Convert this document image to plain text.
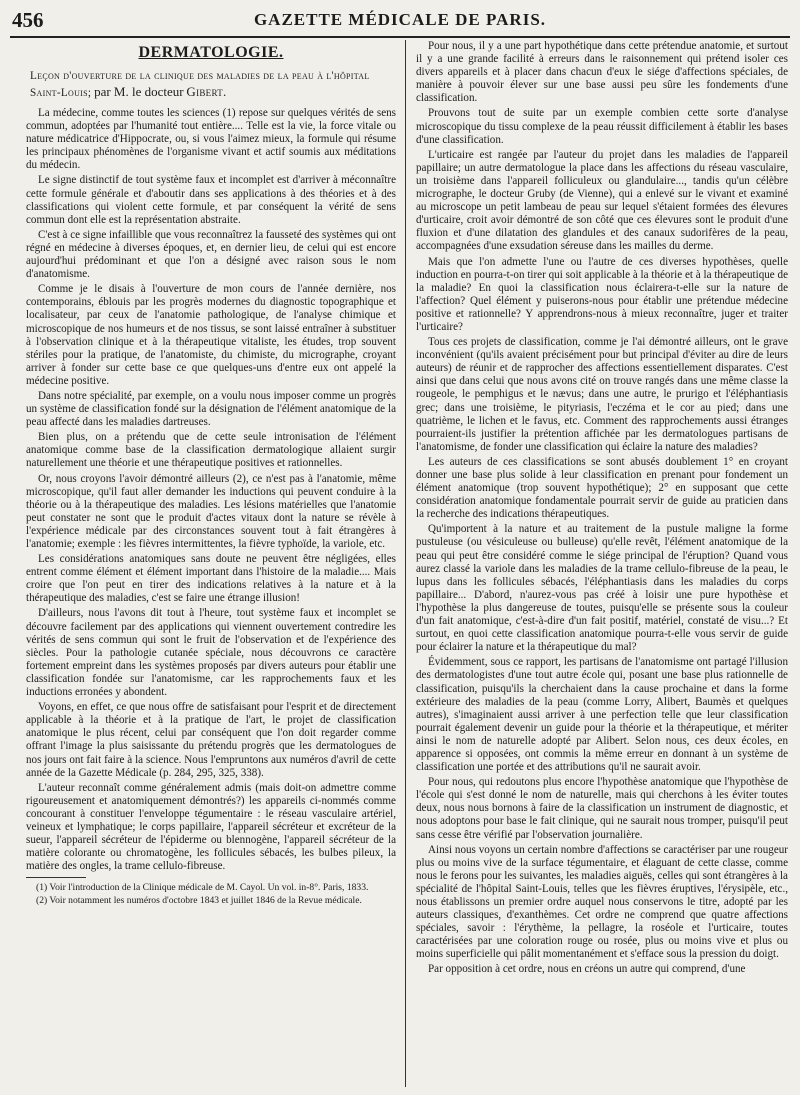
456	GAZETTE MÉDICALE DE PARIS.
DERMATOLOGIE.
Leçon d'ouverture de la clinique des maladies de la peau à l'hôpital Saint-Louis; par M. le docteur Gibert.

La médecine, comme toutes les sciences (1) repose sur quelques vérités de sens commun, adoptées par l'humanité tout entière.... Telle est la vie, la force vitale ou nature médicatrice d'Hippocrate, ou, si vous l'aimez mieux, la formule qui résume les principaux phénomènes de l'organisme vivant et actif soumis aux méditations du médecin.

Le signe distinctif de tout système faux et incomplet est d'arriver à méconnaître cette formule générale et d'aboutir dans ses applications à des théories et à des classifications qui violent cette formule, et par conséquent la vérité de sens commun dont elle est la représentation abstraite.

C'est à ce signe infaillible que vous reconnaîtrez la fausseté des systèmes qui ont régné en médecine à diverses époques, et, en dernier lieu, de celui qui est encore aujourd'hui prédominant et que l'on a désigné avec raison sous le nom d'anatomisme.

Comme je le disais à l'ouverture de mon cours de l'année dernière, nos contemporains, éblouis par les progrès modernes du diagnostic topographique et localisateur, par ceux de l'anatomie pathologique, de l'analyse chimique et microscopique de nos humeurs et de nos tissus, se sont laissé entraîner à substituer à l'observation clinique et à la thérapeutique vitaliste, les études, trop souvent stériles pour la pratique, de l'anatomiste, du chimiste, du micrographe, croyant arriver à fonder sur cette base ce que quelques-uns d'entre eux ont appelé la médecine positive.

Dans notre spécialité, par exemple, on a voulu nous imposer comme un progrès un système de classification fondé sur la désignation de l'élément anatomique de la peau affecté dans les maladies dartreuses.

Bien plus, on a prétendu que de cette seule intronisation de l'élément anatomique comme base de la classification dermatologique allaient surgir naturellement une théorie et une thérapeutique positives et rationnelles.

Or, nous croyons l'avoir démontré ailleurs (2), ce n'est pas à l'anatomie, même microscopique, qu'il faut aller demander les inductions qui peuvent conduire à la théorie ou à la thérapeutique des maladies. Les lésions matérielles que l'anatomie peut constater ne sont que le produit d'actes vitaux dont la nature se révèle à l'expérience médicale par des circonstances souvent tout à fait étrangères à l'anatomie; exemple : les fièvres intermittentes, la fièvre typhoïde, la variole, etc.

Les considérations anatomiques sans doute ne peuvent être négligées, elles entrent comme élément et élément important dans l'histoire de la maladie.... Mais croire que l'on peut en tirer des indications relatives à la nature et à la thérapeutique des maladies, c'est se faire une étrange illusion!

D'ailleurs, nous l'avons dit tout à l'heure, tout système faux et incomplet se découvre facilement par des applications qui viennent ouvertement contredire les vérités de sens commun qui sont le fruit de l'observation et de l'expérience des siècles. Pour la pathologie cutanée spéciale, nous découvrons ce caractère fortement empreint dans les systèmes proposés par divers auteurs pour établir une classification fondée sur l'anatomisme, car les rapprochements faux et les inductions erronées y abondent.

Voyons, en effet, ce que nous offre de satisfaisant pour l'esprit et de directement applicable à la théorie et à la pratique de l'art, le projet de classification anatomique le plus récent, celui par conséquent que l'on doit regarder comme offrant l'image la plus saisissante du prétendu progrès que les dermatologues de nos jours ont fait faire à la science. Nous l'empruntons aux numéros d'avril de cette année de la Gazette Médicale (p. 284, 295, 325, 338).

L'auteur reconnaît comme généralement admis (mais doit-on admettre comme rigoureusement et anatomiquement démontrés?) les appareils ci-nommés comme concourant à constituer l'enveloppe tégumentaire : le réseau vasculaire artériel, veineux et lymphatique; le corps papillaire, l'appareil sécréteur et excréteur de la sueur, l'appareil sécréteur de l'épiderme ou blennogène, l'appareil sécréteur de la matière colorante ou chromatogène, les follicules sébacés, les bulbes pileux, la matière des ongles, la trame cellulo-fibreuse.

(1) Voir l'introduction de la Clinique médicale de M. Cayol. Un vol. in-8°. Paris, 1833.

(2) Voir notamment les numéros d'octobre 1843 et juillet 1846 de la Revue médicale.

Pour nous, il y a une part hypothétique dans cette prétendue anatomie, et surtout il y a une grande facilité à erreurs dans le raisonnement qui prétend isoler ces divers appareils et à placer dans chacun d'eux le siége d'affections spéciales, de manière à pouvoir élever sur une base aussi peu sûre les fondements d'une classification.

Prouvons tout de suite par un exemple combien cette sorte d'analyse microscopique du tissu complexe de la peau réussit difficilement à établir les bases d'une classification.

L'urticaire est rangée par l'auteur du projet dans les maladies de l'appareil papillaire; un autre dermatologue la place dans les affections du réseau vasculaire, un troisième dans l'appareil folliculeux ou glandulaire..., tandis qu'un célèbre micrographe, le docteur Gruby (de Vienne), qui a enlevé sur le vivant et examiné au microscope un petit lambeau de peau sur lequel s'étaient formées des élevures d'urticaire, croit avoir démontré de son côté que ces élevures sont le produit d'une fluxion et d'une dilatation des glandules et des canaux sudorifères de la peau, accompagnées d'une exsudation séreuse dans les mailles du derme.

Mais que l'on admette l'une ou l'autre de ces diverses hypothèses, quelle induction en pourra-t-on tirer qui soit applicable à la théorie et à la thérapeutique de la maladie? En quoi la classification nous éclairera-t-elle sur la nature de l'affection? Quel élément y puiserons-nous pour établir une prétendue médecine positive et rationnelle? Y apprendrons-nous à mieux reconnaître, juger et traiter l'urticaire?

Tous ces projets de classification, comme je l'ai démontré ailleurs, ont le grave inconvénient (qu'ils avaient précisément pour but principal d'éviter au dire de leurs auteurs) de réunir et de rapprocher des affections essentiellement disparates. C'est ainsi que dans celui que nous avons cité on trouve rangés dans une même classe la rougeole, le pemphigus et le nævus; dans une autre, le prurigo et l'éléphantiasis grec; dans une troisième, le pityriasis, l'eczéma et le cor au pied; dans une quatrième, le lichen et le favus, etc. Comment des rapprochements aussi étranges pourraient-ils justifier la prétention affichée par les dermatologues partisans de l'anatomisme, de fonder une classification qui éclaire la nature des maladies?

Les auteurs de ces classifications se sont abusés doublement 1° en croyant donner une base plus solide à leur classification en prenant pour fondement un élément anatomique (trop souvent hypothétique); 2° en supposant que cette considération anatomique fondamentale pourrait servir de guide au praticien dans la recherche des indications thérapeutiques.

Qu'importent à la nature et au traitement de la pustule maligne la forme pustuleuse (ou vésiculeuse ou bulleuse) qu'elle revêt, l'élément anatomique de la peau qui peut être considéré comme le siége principal de l'éruption? Quand vous aurez classé la variole dans les maladies de la trame cellulo-fibreuse de la peau, le lupus dans les follicules sébacés, l'éléphantiasis dans les maladies du corps papillaire... D'abord, n'aurez-vous pas créé à loisir une pure hypothèse et l'hypothèse la plus dangereuse de toutes, puisqu'elle se présente sous la couleur d'un fait anatomique, c'est-à-dire d'un fait positif, matériel, constaté de visu...? Et surtout, en quoi cette classification anatomique pourra-t-elle vous servir de guide pour éclairer la nature et la thérapeutique du mal?

Évidemment, sous ce rapport, les partisans de l'anatomisme ont partagé l'illusion des dermatologistes d'une tout autre école qui, posant une base plus rationnelle de classification, puisqu'ils la cherchaient dans la cause prochaine et dans la forme extérieure des maladies de la peau (comme Lorry, Alibert, Baumès et quelques autres), s'imaginaient aussi arriver à une perfection telle que leur classification pourrait également devenir un guide pour la théorie et la thérapeutique, et mériter ainsi le nom de naturelle adopté par Alibert. Selon nous, ces deux écoles, en apparence si opposées, ont commis la même erreur en donnant à un système de classification une portée et des attributions qu'il ne saurait avoir.

Pour nous, qui redoutons plus encore l'hypothèse anatomique que l'hypothèse de l'école qui s'est donné le nom de naturelle, mais qui cherchons à les éviter toutes deux, nous nous bornons à faire de la classification un instrument de diagnostic, et nous adoptons pour base le fait clinique, qui ne saurait nous tromper, puisqu'il peut sans cesse être vérifié par l'observation journalière.

Ainsi nous voyons un certain nombre d'affections se caractériser par une rougeur plus ou moins vive de la surface tégumentaire, et élaguant de cette classe, comme nous le ferons pour les suivantes, les maladies aiguës, celles qui sont étrangères à la spécialité de l'hôpital Saint-Louis, telles que les fièvres éruptives, l'érysipèle, etc., nous établissons un premier ordre auquel nous conservons le titre, adopté par les auteurs classiques, d'exanthèmes. Cet ordre ne comprend que quatre affections spéciales, savoir : l'érythème, la pellagre, la roséole et l'urticaire, toutes caractérisées par une coloration rouge ou rosée, plus ou moins vive et plus ou moins superficielle qui pâlit momentanément et s'efface sous la pression du doigt.

Par opposition à cet ordre, nous en créons un autre qui comprend, d'une
